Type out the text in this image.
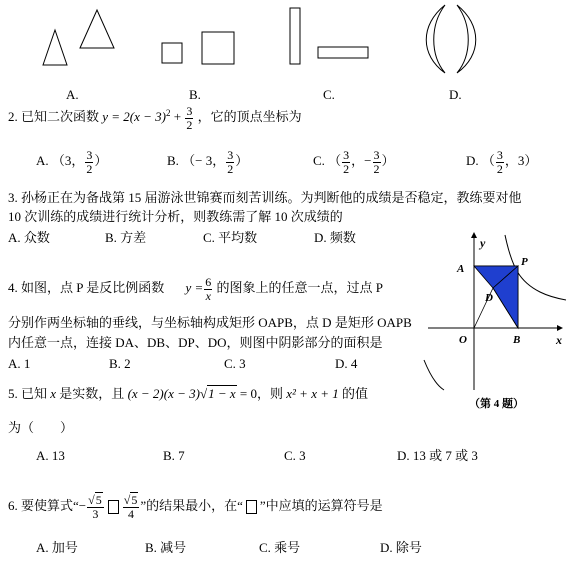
A.	B.	C.	D.
2. 已知二次函数 $y = 2(x - 3)^2 + \frac{3}{2}$ ，它的顶点坐标为
A. （3， $\frac{3}{2}$ ）	B. （− 3， $\frac{3}{2}$ ）	C. （ $\frac{3}{2}$ ，− $\frac{3}{2}$ ）	D. （ $\frac{3}{2}$ ，3）
3. 孙杨正在为备战第 15 届游泳世锦赛而刻苦训练。为判断他的成绩是否稳定，教练要对他
10 次训练的成绩进行统计分析，则教练需了解 10 次成绩的
A. 众数	B. 方差	C. 平均数	D. 频数
4. 如图，点 P 是反比例函数 $y = \frac{6}{x}$ 的图象上的任意一点，过点 P
分别作两坐标轴的垂线，与坐标轴构成矩形 OAPB，点 D 是矩形 OAPB
内任意一点，连接 DA、DB、DP、DO，则图中阴影部分的面积是
A. 1	B. 2	C. 3	D. 4
y
x
A
P
D
O	B
（第 4 题）
5. 已知 x 是实数，且 (x − 2)(x − 3)√1 − x = 0，则 x² + x + 1 的值
为（　　）
A. 13	B. 7	C. 3	D. 13 或 7 或 3
6. 要使算式“− $\frac{√5}{3} \frac{√5}{4}$ ”的结果最小，在“ ”中应填的运算符号是
A. 加号	B. 减号	C. 乘号	D. 除号
